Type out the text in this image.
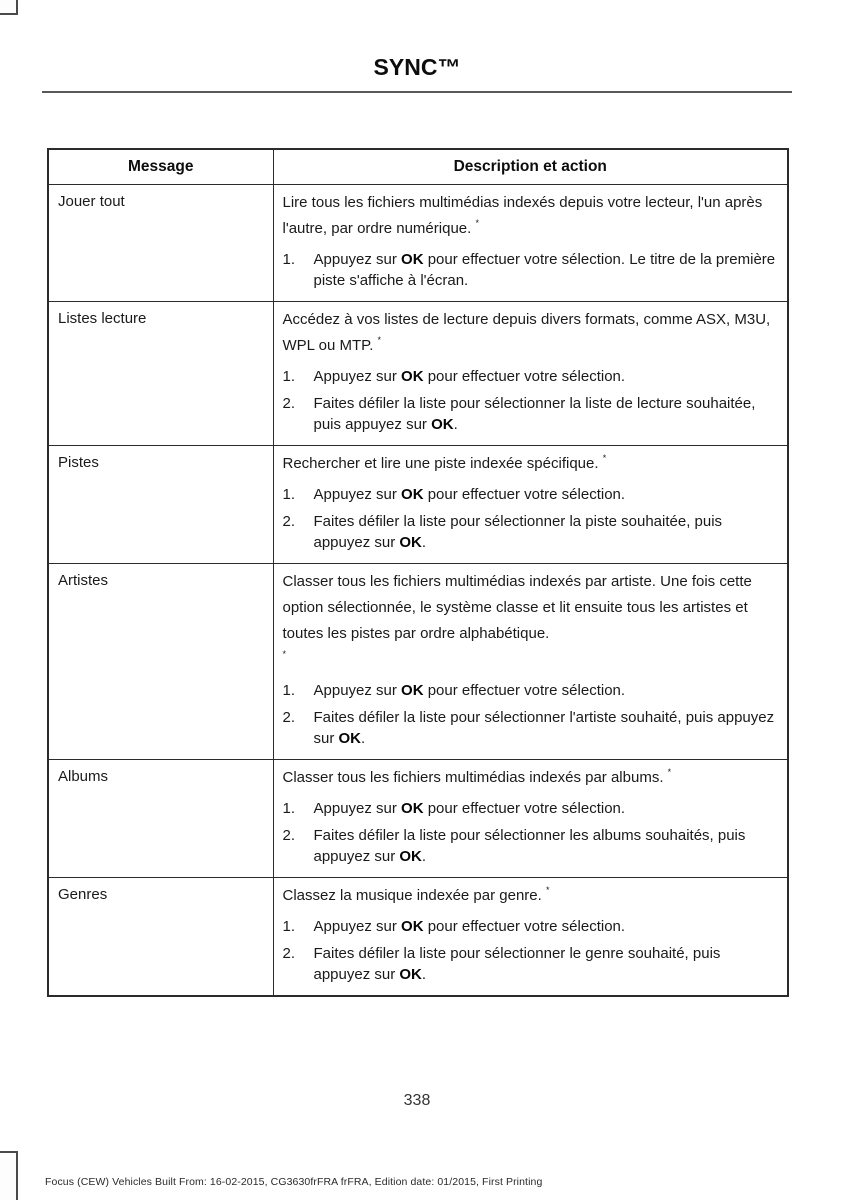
SYNC™
Message	Description et action
Jouer tout	Lire tous les fichiers multimédias indexés depuis votre lecteur, l'un après l'autre, par ordre numérique. *

1. Appuyez sur OK pour effectuer votre sélection. Le titre de la première piste s'affiche à l'écran.

Listes lecture	Accédez à vos listes de lecture depuis divers formats, comme ASX, M3U, WPL ou MTP. *

1. Appuyez sur OK pour effectuer votre sélection.
2. Faites défiler la liste pour sélectionner la liste de lecture souhaitée, puis appuyez sur OK.

Pistes	Rechercher et lire une piste indexée spécifique. *

1. Appuyez sur OK pour effectuer votre sélection.
2. Faites défiler la liste pour sélectionner la piste souhaitée, puis appuyez sur OK.

Artistes	Classer tous les fichiers multimédias indexés par artiste. Une fois cette option sélectionnée, le système classe et lit ensuite tous les artistes et toutes les pistes par ordre alphabétique.
*

1.	Appuyez sur OK pour effectuer votre sélection.
2.	Faites défiler la liste pour sélectionner l'artiste souhaité, puis appuyez sur OK.

Albums	Classer tous les fichiers multimédias indexés par albums. *

1. Appuyez sur OK pour effectuer votre sélection.
2. Faites défiler la liste pour sélectionner les albums souhaités, puis appuyez sur OK.

Genres	Classez la musique indexée par genre. *

1. Appuyez sur OK pour effectuer votre sélection.
2. Faites défiler la liste pour sélectionner le genre souhaité, puis appuyez sur OK.
338
Focus (CEW) Vehicles Built From: 16-02-2015, CG3630frFRA frFRA, Edition date: 01/2015, First Printing
